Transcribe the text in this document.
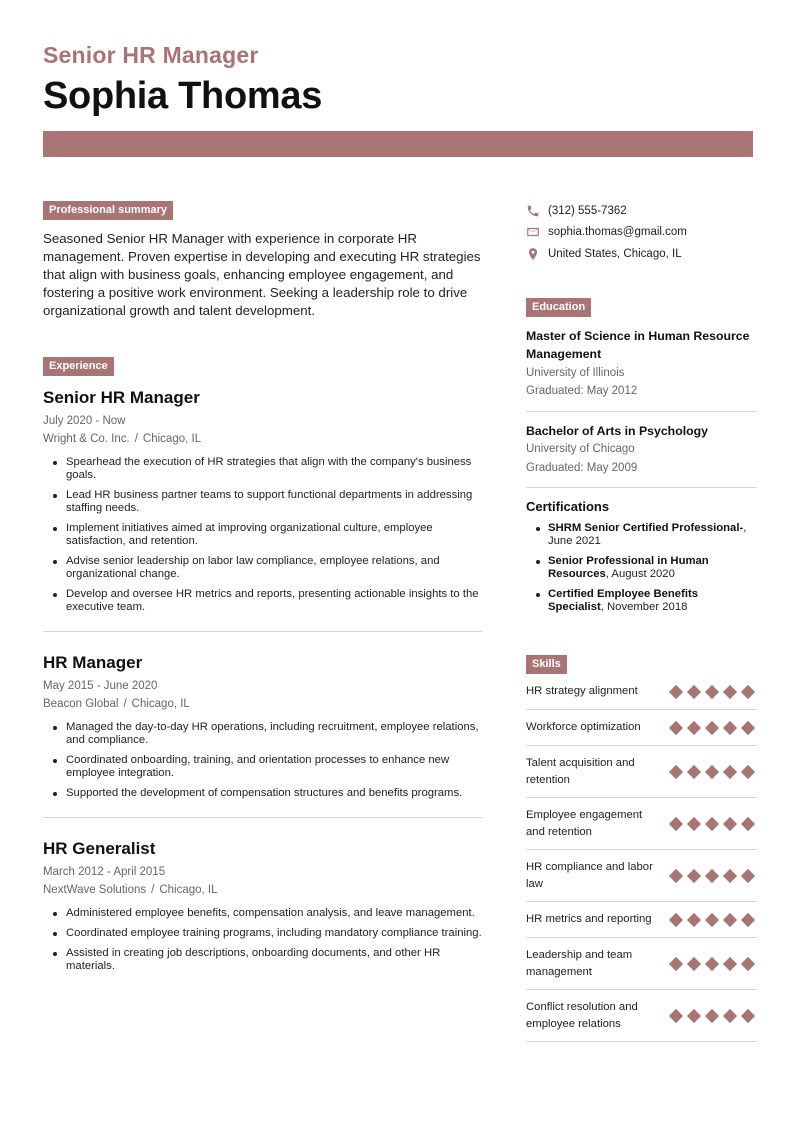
Senior HR Manager
Sophia Thomas
Professional summary
Seasoned Senior HR Manager with experience in corporate HR management. Proven expertise in developing and executing HR strategies that align with business goals, enhancing employee engagement, and fostering a positive work environment. Seeking a leadership role to drive organizational growth and talent development.
Experience
Senior HR Manager
July 2020 - Now
Wright & Co. Inc. / Chicago, IL
Spearhead the execution of HR strategies that align with the company's business goals.
Lead HR business partner teams to support functional departments in addressing staffing needs.
Implement initiatives aimed at improving organizational culture, employee satisfaction, and retention.
Advise senior leadership on labor law compliance, employee relations, and organizational change.
Develop and oversee HR metrics and reports, presenting actionable insights to the executive team.
HR Manager
May 2015 - June 2020
Beacon Global / Chicago, IL
Managed the day-to-day HR operations, including recruitment, employee relations, and compliance.
Coordinated onboarding, training, and orientation processes to enhance new employee integration.
Supported the development of compensation structures and benefits programs.
HR Generalist
March 2012 - April 2015
NextWave Solutions / Chicago, IL
Administered employee benefits, compensation analysis, and leave management.
Coordinated employee training programs, including mandatory compliance training.
Assisted in creating job descriptions, onboarding documents, and other HR materials.
(312) 555-7362
sophia.thomas@gmail.com
United States, Chicago, IL
Education
Master of Science in Human Resource Management
University of Illinois
Graduated: May 2012
Bachelor of Arts in Psychology
University of Chicago
Graduated: May 2009
Certifications
SHRM Senior Certified Professional-, June 2021
Senior Professional in Human Resources, August 2020
Certified Employee Benefits Specialist, November 2018
Skills
HR strategy alignment
Workforce optimization
Talent acquisition and retention
Employee engagement and retention
HR compliance and labor law
HR metrics and reporting
Leadership and team management
Conflict resolution and employee relations
